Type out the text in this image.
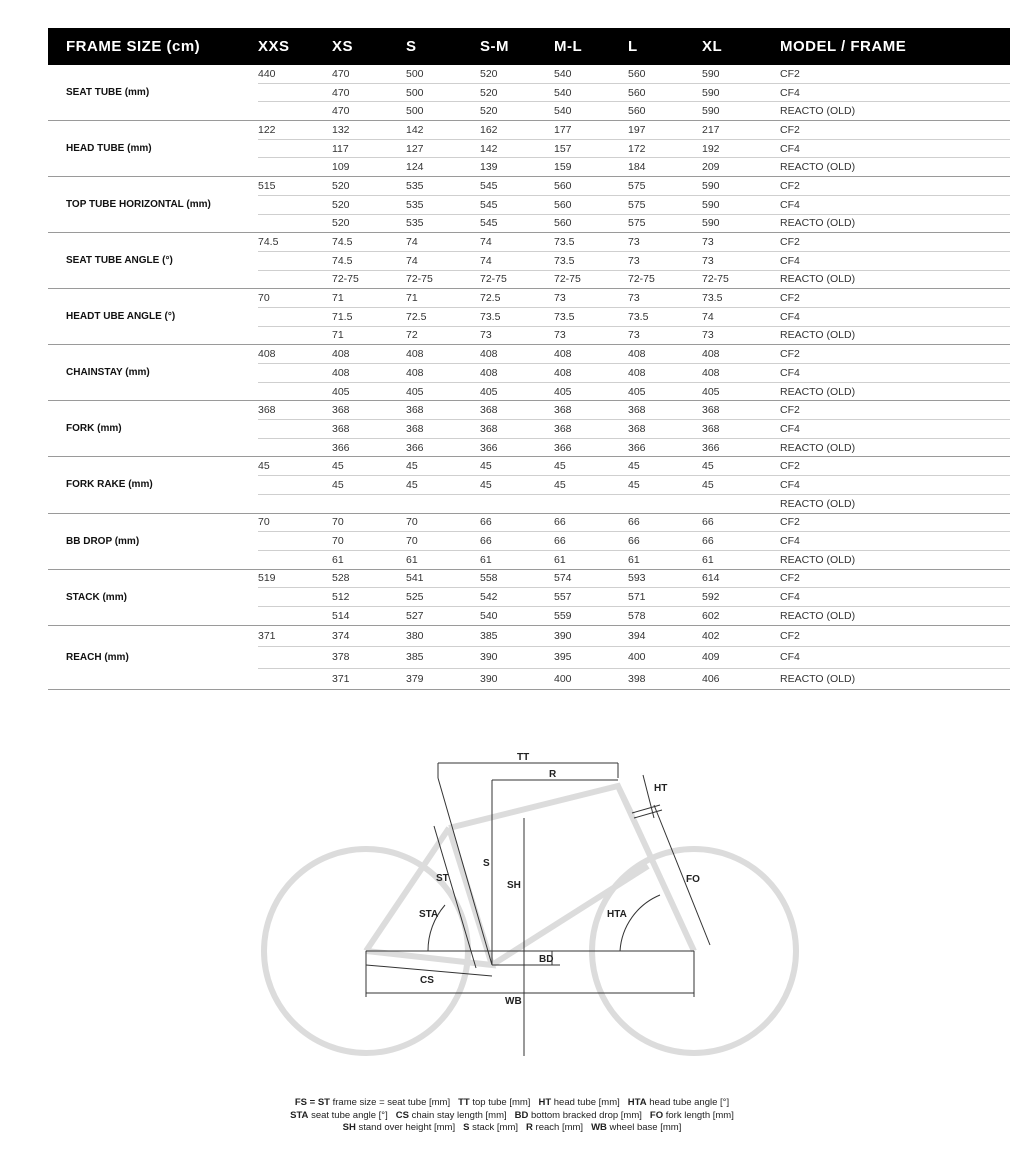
FRAME SIZE (cm)	XXS	XS	S	S-M	M-L	L	XL	MODEL / FRAME
SEAT TUBE (mm)	440	470	500	520	540	560	590	CF2
		470	500	520	540	560	590	CF4
		470	500	520	540	560	590	REACTO (OLD)
HEAD TUBE (mm)	122	132	142	162	177	197	217	CF2
		117	127	142	157	172	192	CF4
		109	124	139	159	184	209	REACTO (OLD)
TOP TUBE HORIZONTAL (mm)	515	520	535	545	560	575	590	CF2
		520	535	545	560	575	590	CF4
		520	535	545	560	575	590	REACTO (OLD)
SEAT TUBE ANGLE (°)	74.5	74.5	74	74	73.5	73	73	CF2
		74.5	74	74	73.5	73	73	CF4
		72-75	72-75	72-75	72-75	72-75	72-75	REACTO (OLD)
HEADT UBE ANGLE (°)	70	71	71	72.5	73	73	73.5	CF2
		71.5	72.5	73.5	73.5	73.5	74	CF4
		71	72	73	73	73	73	REACTO (OLD)
CHAINSTAY (mm)	408	408	408	408	408	408	408	CF2
		408	408	408	408	408	408	CF4
		405	405	405	405	405	405	REACTO (OLD)
FORK (mm)	368	368	368	368	368	368	368	CF2
		368	368	368	368	368	368	CF4
		366	366	366	366	366	366	REACTO (OLD)
FORK RAKE (mm)	45	45	45	45	45	45	45	CF2
		45	45	45	45	45	45	CF4
								REACTO (OLD)
BB DROP (mm)	70	70	70	66	66	66	66	CF2
		70	70	66	66	66	66	CF4
		61	61	61	61	61	61	REACTO (OLD)
STACK (mm)	519	528	541	558	574	593	614	CF2
		512	525	542	557	571	592	CF4
		514	527	540	559	578	602	REACTO (OLD)
REACH (mm)	371	374	380	385	390	394	402	CF2
		378	385	390	395	400	409	CF4
		371	379	390	400	398	406	REACTO (OLD)
TT
R
HT
S
SH
ST
STA
FO
HTA
BD
CS
WB
FS = ST frame size = seat tube [mm] TT top tube [mm] HT head tube [mm] HTA head tube angle [°]
STA seat tube angle [°] CS chain stay length [mm] BD bottom bracked drop [mm] FO fork length [mm]
SH stand over height [mm] S stack [mm] R reach [mm] WB wheel base [mm]
